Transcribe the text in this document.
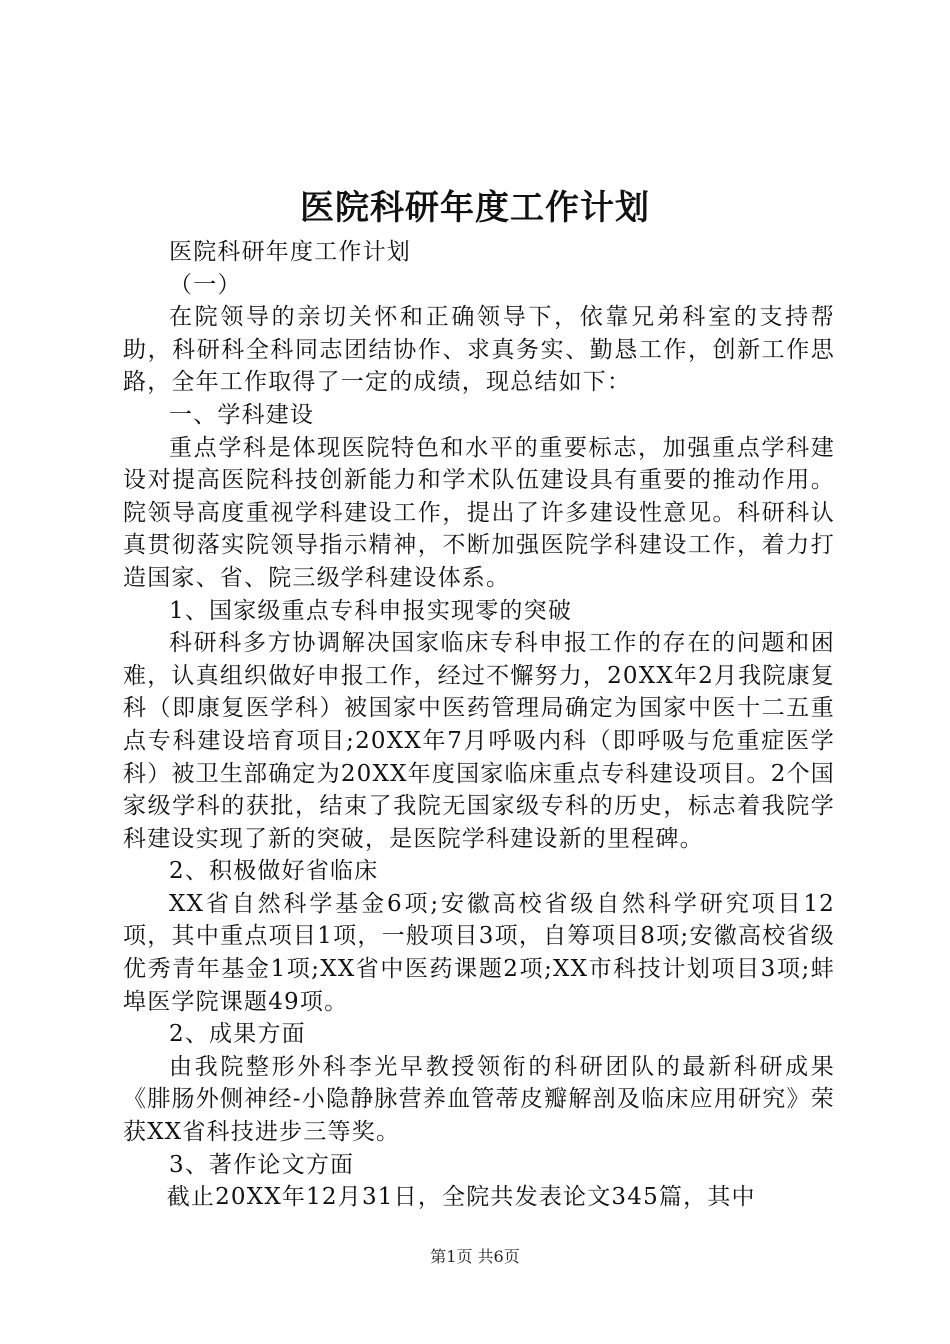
医院科研年度工作计划

医院科研年度工作计划

（一）

在院领导的亲切关怀和正确领导下，依靠兄弟科室的支持帮助，科研科全科同志团结协作、求真务实、勤恳工作，创新工作思路，全年工作取得了一定的成绩，现总结如下：

一、学科建设

重点学科是体现医院特色和水平的重要标志，加强重点学科建设对提高医院科技创新能力和学术队伍建设具有重要的推动作用。院领导高度重视学科建设工作，提出了许多建设性意见。科研科认真贯彻落实院领导指示精神，不断加强医院学科建设工作，着力打造国家、省、院三级学科建设体系。

1、国家级重点专科申报实现零的突破

科研科多方协调解决国家临床专科申报工作的存在的问题和困难，认真组织做好申报工作，经过不懈努力，20XX年2月我院康复科（即康复医学科）被国家中医药管理局确定为国家中医十二五重点专科建设培育项目;20XX年7月呼吸内科（即呼吸与危重症医学科）被卫生部确定为20XX年度国家临床重点专科建设项目。2个国家级学科的获批，结束了我院无国家级专科的历史，标志着我院学科建设实现了新的突破，是医院学科建设新的里程碑。

2、积极做好省临床

XX省自然科学基金6项;安徽高校省级自然科学研究项目12项，其中重点项目1项，一般项目3项，自筹项目8项;安徽高校省级优秀青年基金1项;XX省中医药课题2项;XX市科技计划项目3项;蚌埠医学院课题49项。

2、成果方面

由我院整形外科李光早教授领衔的科研团队的最新科研成果《腓肠外侧神经-小隐静脉营养血管蒂皮瓣解剖及临床应用研究》荣获XX省科技进步三等奖。

3、著作论文方面

截止20XX年12月31日，全院共发表论文345篇，其中

第1页 共6页
